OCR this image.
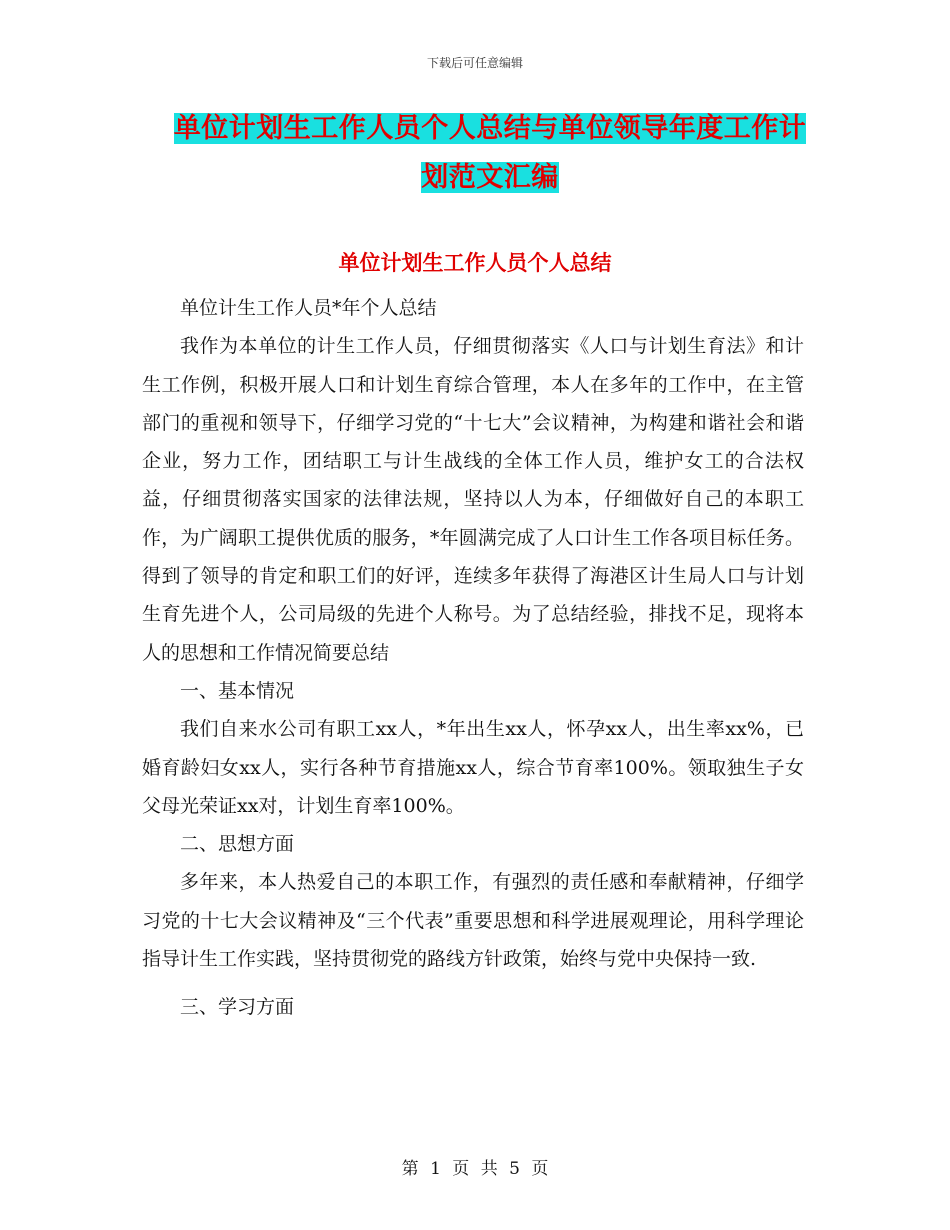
下载后可任意编辑
单位计划生工作人员个人总结与单位领导年度工作计
划范文汇编
单位计划生工作人员个人总结

单位计生工作人员*年个人总结

我作为本单位的计生工作人员，仔细贯彻落实《人口与计划生育法》和计生工作例，积极开展人口和计划生育综合管理，本人在多年的工作中，在主管部门的重视和领导下，仔细学习党的“十七大”会议精神，为构建和谐社会和谐企业，努力工作，团结职工与计生战线的全体工作人员，维护女工的合法权益，仔细贯彻落实国家的法律法规，坚持以人为本，仔细做好自己的本职工作，为广阔职工提供优质的服务，*年圆满完成了人口计生工作各项目标任务。得到了领导的肯定和职工们的好评，连续多年获得了海港区计生局人口与计划生育先进个人，公司局级的先进个人称号。为了总结经验，排找不足，现将本人的思想和工作情况简要总结

一、基本情况

我们自来水公司有职工xx人，*年出生xx人，怀孕xx人，出生率xx%，已婚育龄妇女xx人，实行各种节育措施xx人，综合节育率100%。领取独生子女父母光荣证xx对，计划生育率100%。

二、思想方面

多年来，本人热爱自己的本职工作，有强烈的责任感和奉献精神，仔细学习党的十七大会议精神及“三个代表”重要思想和科学进展观理论，用科学理论指导计生工作实践，坚持贯彻党的路线方针政策，始终与党中央保持一致.

三、学习方面

第 1 页 共 5 页
